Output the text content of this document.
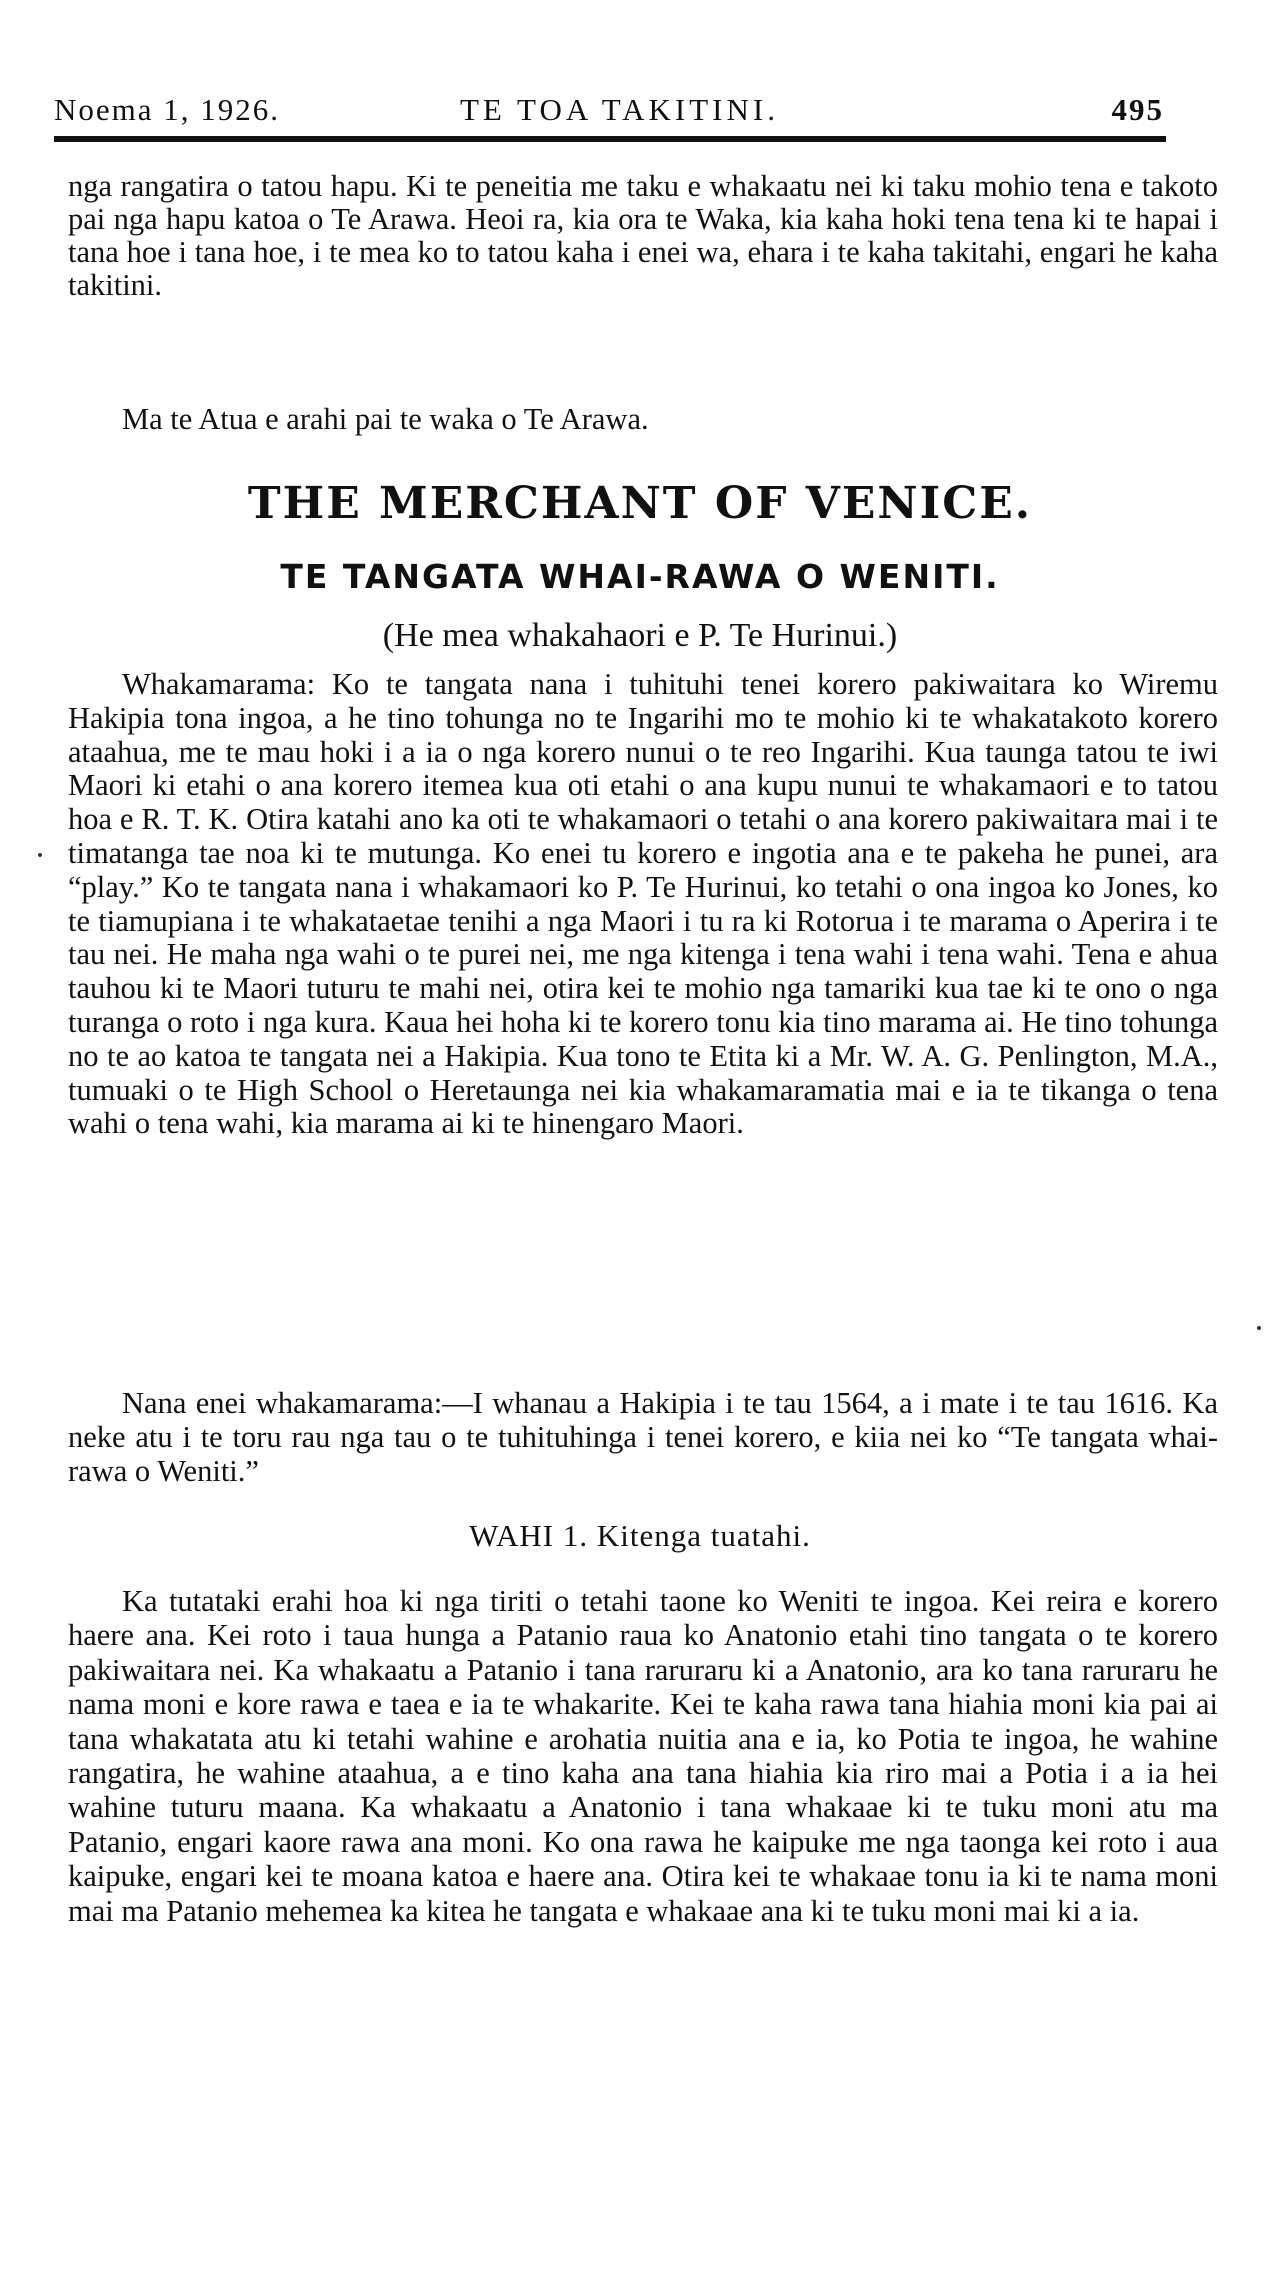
Noema 1, 1926.	TE TOA TAKITINI.	495
nga rangatira o tatou hapu. Ki te peneitia me taku e whakaatu nei ki taku mohio tena e takoto pai nga hapu katoa o Te Arawa. Heoi ra, kia ora te Waka, kia kaha hoki tena tena ki te hapai i tana hoe i tana hoe, i te mea ko to tatou kaha i enei wa, ehara i te kaha takitahi, engari he kaha takitini.
Ma te Atua e arahi pai te waka o Te Arawa.
THE MERCHANT OF VENICE.
TE TANGATA WHAI-RAWA O WENITI.
(He mea whakahaori e P. Te Hurinui.)
Whakamarama: Ko te tangata nana i tuhituhi tenei korero pakiwaitara ko Wiremu Hakipia tona ingoa, a he tino tohunga no te Ingarihi mo te mohio ki te whakatakoto korero ataahua, me te mau hoki i a ia o nga korero nunui o te reo Ingarihi. Kua taunga tatou te iwi Maori ki etahi o ana korero itemea kua oti etahi o ana kupu nunui te whakamaori e to tatou hoa e R. T. K. Otira katahi ano ka oti te whakamaori o tetahi o ana korero pakiwaitara mai i te timatanga tae noa ki te mutunga. Ko enei tu korero e ingotia ana e te pakeha he punei, ara “play.” Ko te tangata nana i whakamaori ko P. Te Hurinui, ko tetahi o ona ingoa ko Jones, ko te tiamupiana i te whakataetae tenihi a nga Maori i tu ra ki Rotorua i te marama o Aperira i te tau nei. He maha nga wahi o te purei nei, me nga kitenga i tena wahi i tena wahi. Tena e ahua tauhou ki te Maori tuturu te mahi nei, otira kei te mohio nga tamariki kua tae ki te ono o nga turanga o roto i nga kura. Kaua hei hoha ki te korero tonu kia tino marama ai. He tino tohunga no te ao katoa te tangata nei a Hakipia. Kua tono te Etita ki a Mr. W. A. G. Penlington, M.A., tumuaki o te High School o Heretaunga nei kia whakamaramatia mai e ia te tikanga o tena wahi o tena wahi, kia marama ai ki te hinengaro Maori.
Nana enei whakamarama:—I whanau a Hakipia i te tau 1564, a i mate i te tau 1616. Ka neke atu i te toru rau nga tau o te tuhituhinga i tenei korero, e kiia nei ko “Te tangata whai-rawa o Weniti.”
WAHI 1. Kitenga tuatahi.
Ka tutataki erahi hoa ki nga tiriti o tetahi taone ko Weniti te ingoa. Kei reira e korero haere ana. Kei roto i taua hunga a Patanio raua ko Anatonio etahi tino tangata o te korero pakiwaitara nei. Ka whakaatu a Patanio i tana raruraru ki a Anatonio, ara ko tana raruraru he nama moni e kore rawa e taea e ia te whakarite. Kei te kaha rawa tana hiahia moni kia pai ai tana whakatata atu ki tetahi wahine e arohatia nuitia ana e ia, ko Potia te ingoa, he wahine rangatira, he wahine ataahua, a e tino kaha ana tana hiahia kia riro mai a Potia i a ia hei wahine tuturu maana. Ka whakaatu a Anatonio i tana whakaae ki te tuku moni atu ma Patanio, engari kaore rawa ana moni. Ko ona rawa he kaipuke me nga taonga kei roto i aua kaipuke, engari kei te moana katoa e haere ana. Otira kei te whakaae tonu ia ki te nama moni mai ma Patanio mehemea ka kitea he tangata e whakaae ana ki te tuku moni mai ki a ia.
